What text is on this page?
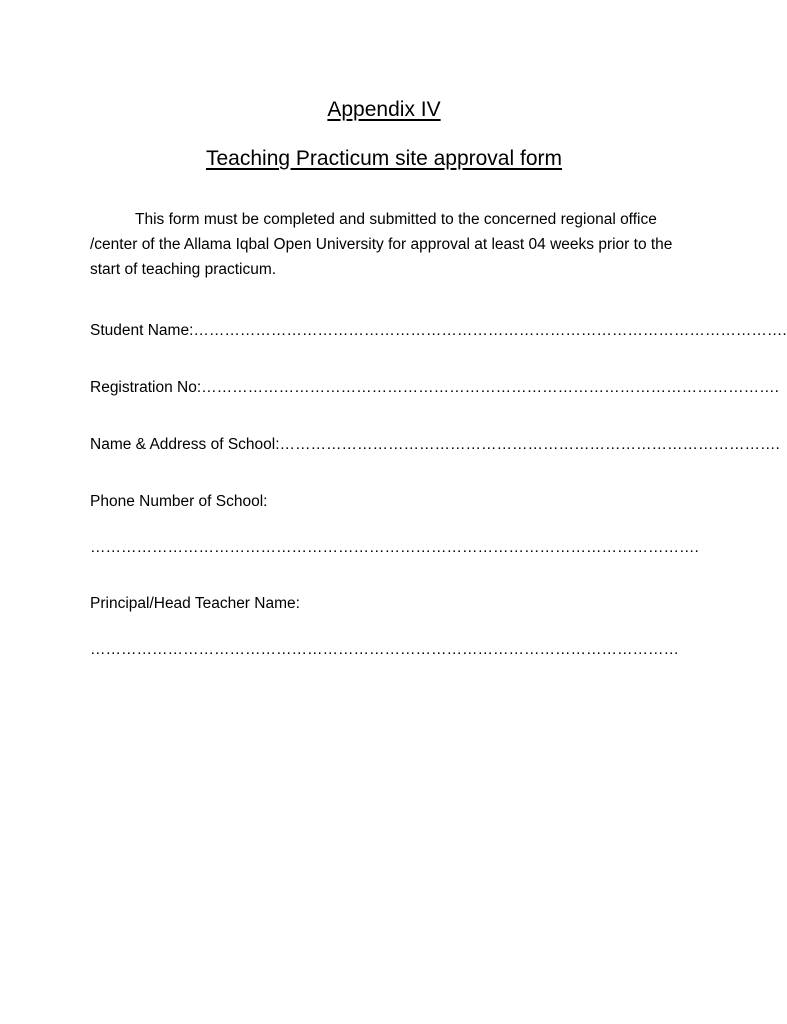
Appendix IV
Teaching Practicum site approval form

This form must be completed and submitted to the concerned regional office /center of the Allama Iqbal Open University for approval at least 04 weeks prior to the start of teaching practicum.

Student Name:…………………………………………………………………………………………………….
Registration No:………………………………………………………………………………………………….
Name & Address of School:…………………………………………………………………………………….
Phone Number of School:
……………………………………………………………………………………………………….
Principal/Head Teacher Name:
……………………………………………………………………………………………………
